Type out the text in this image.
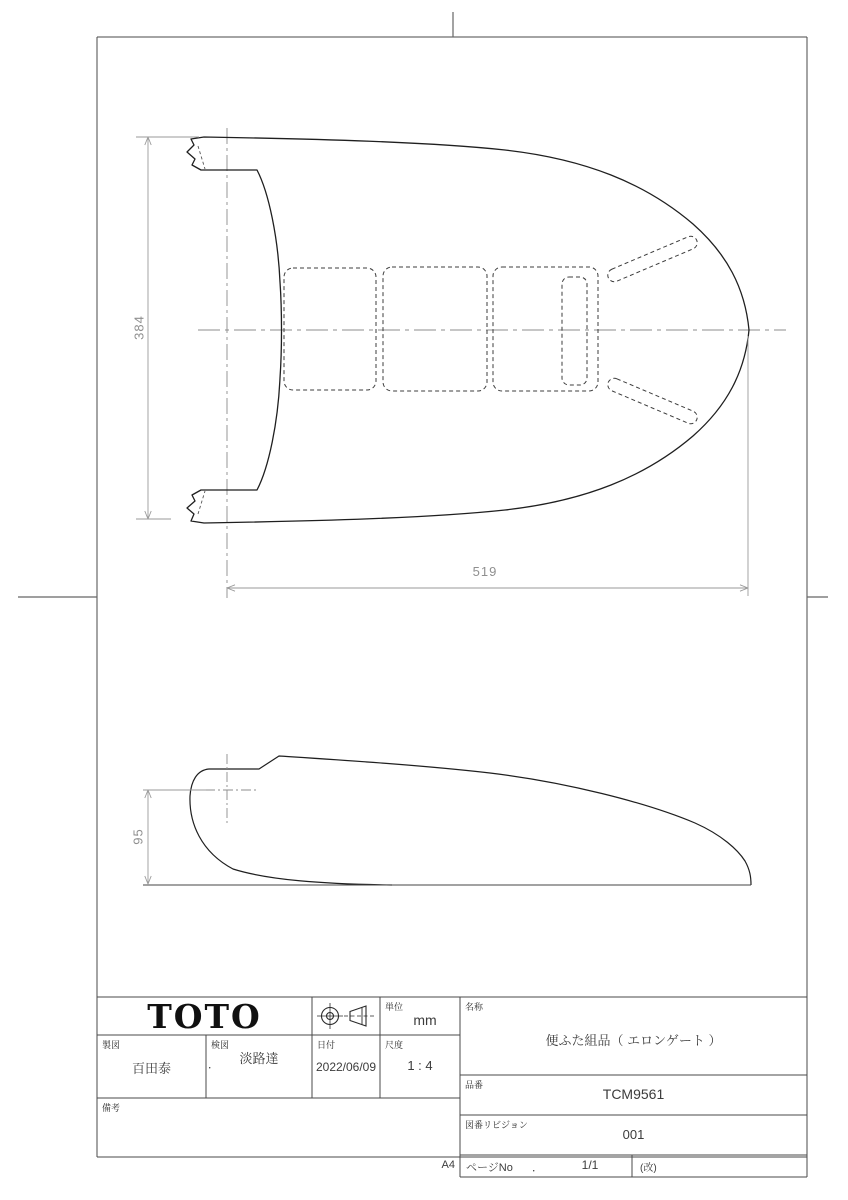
384
519
95
TOTO	単位
mm
製図
百田泰
検図
．	淡路達
日付
2022/06/09
尺度
1 : 4
備考
A4
名称
便ふた組品（ エロンゲート ）
品番
TCM9561
図番リビジョン
001
ページNo ．	1/1	(改)
